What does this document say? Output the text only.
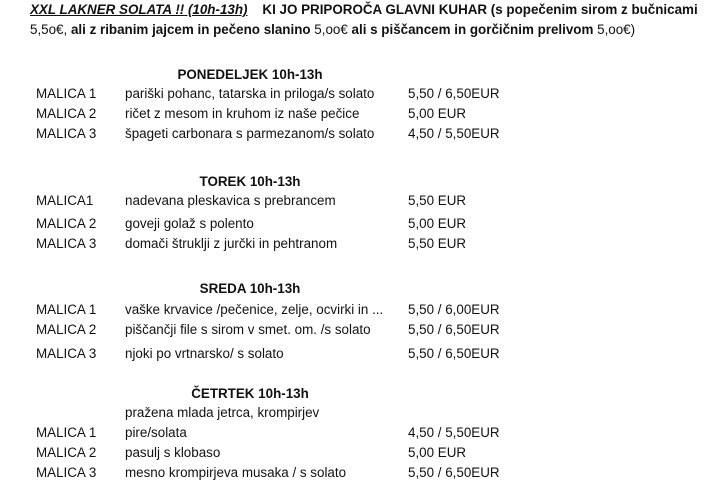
XXL LAKNER SOLATA !! (10h-13h) KI JO PRIPOROČA GLAVNI KUHAR (s popečenim sirom z bučnicami
5,5o€, ali z ribanim jajcem in pečeno slanino 5,oo€ ali s piščancem in gorčičnim prelivom 5,oo€)
PONEDELJEK 10h-13h
MALICA 1 pariški pohanc, tatarska in priloga/s solato	5,50 / 6,50EUR
MALICA 2 ričet z mesom in kruhom iz naše pečice	5,00 EUR
MALICA 3 špageti carbonara s parmezanom/s solato	4,50 / 5,50EUR
TOREK 10h-13h
MALICA1 nadevana pleskavica s prebrancem	5,50 EUR
MALICA 2 goveji golaž s polento	5,00 EUR
MALICA 3 domači štruklji z jurčki in pehtranom	5,50 EUR
SREDA 10h-13h
MALICA 1 vaške krvavice /pečenice, zelje, ocvirki in ... 5,50 / 6,00EUR
MALICA 2 piščančji file s sirom v smet. om. /s solato	5,50 / 6,50EUR
MALICA 3 njoki po vrtnarsko/ s solato	5,50 / 6,50EUR
ČETRTEK 10h-13h
pražena mlada jetrca, krompirjev
MALICA 1 pire/solata	4,50 / 5,50EUR
MALICA 2 pasulj s klobaso	5,00 EUR
MALICA 3 mesno krompirjeva musaka / s solato	5,50 / 6,50EUR
